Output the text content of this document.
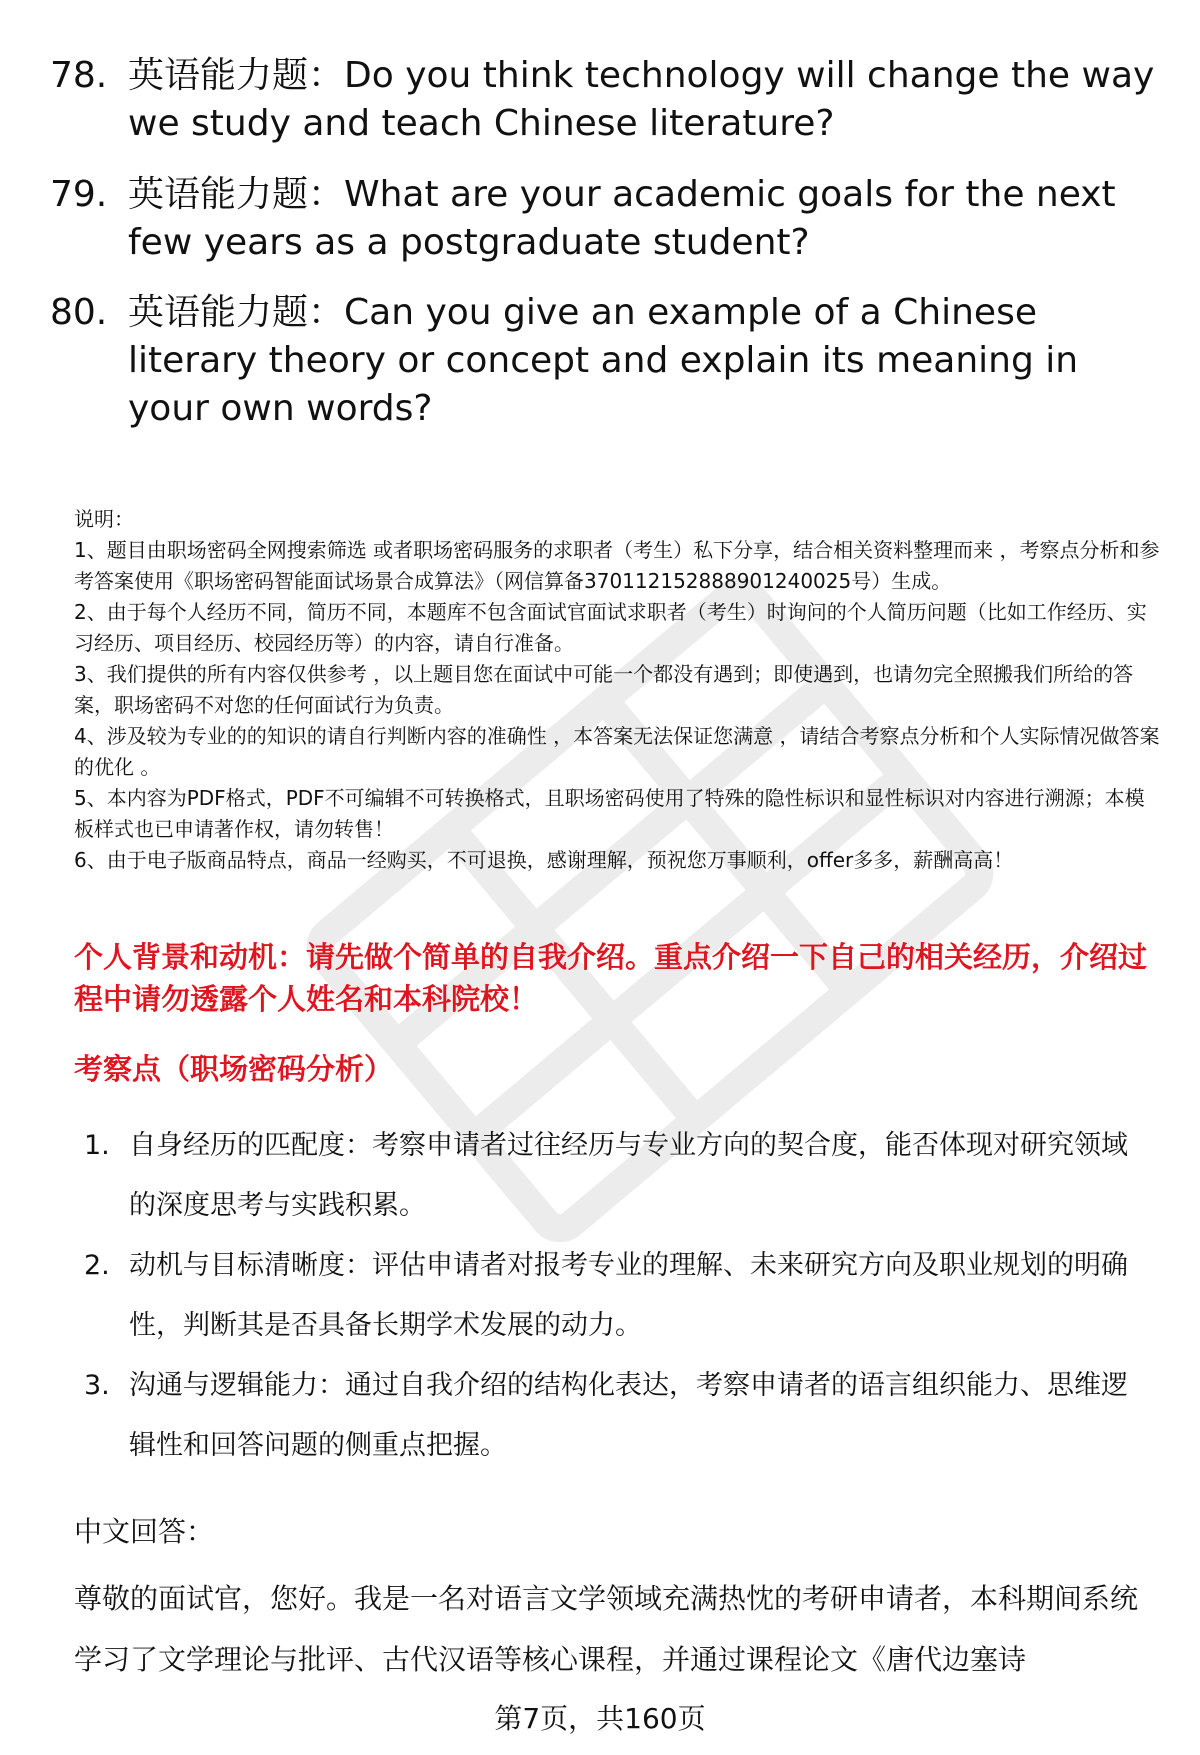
78. 英语能力题：Do you think technology will change the way we study and teach Chinese literature?
79. 英语能力题：What are your academic goals for the next few years as a postgraduate student?
80. 英语能力题：Can you give an example of a Chinese literary theory or concept and explain its meaning in your own words?

说明：

1、题目由职场密码全网搜索筛选 或者职场密码服务的求职者（考生）私下分享，结合相关资料整理而来 ，考察点分析和参考答案使用《职场密码智能面试场景合成算法》（网信算备370112152888901240025号）生成。

2、由于每个人经历不同，简历不同，本题库不包含面试官面试求职者（考生）时询问的个人简历问题（比如工作经历、实习经历、项目经历、校园经历等）的内容，请自行准备。

3、我们提供的所有内容仅供参考 ，以上题目您在面试中可能一个都没有遇到；即使遇到，也请勿完全照搬我们所给的答案，职场密码不对您的任何面试行为负责。

4、涉及较为专业的的知识的请自行判断内容的准确性 ，本答案无法保证您满意 ，请结合考察点分析和个人实际情况做答案的优化 。

5、本内容为PDF格式，PDF不可编辑不可转换格式，且职场密码使用了特殊的隐性标识和显性标识对内容进行溯源；本模板样式也已申请著作权，请勿转售！

6、由于电子版商品特点，商品一经购买，不可退换，感谢理解，预祝您万事顺利，offer多多，薪酬高高！

个人背景和动机：请先做个简单的自我介绍。重点介绍一下自己的相关经历，介绍过程中请勿透露个人姓名和本科院校！
考察点（职场密码分析）
1. 自身经历的匹配度：考察申请者过往经历与专业方向的契合度，能否体现对研究领域的深度思考与实践积累。
2. 动机与目标清晰度：评估申请者对报考专业的理解、未来研究方向及职业规划的明确性，判断其是否具备长期学术发展的动力。
3. 沟通与逻辑能力：通过自我介绍的结构化表达，考察申请者的语言组织能力、思维逻辑性和回答问题的侧重点把握。
中文回答：
尊敬的面试官，您好。我是一名对语言文学领域充满热忱的考研申请者，本科期间系统学习了文学理论与批评、古代汉语等核心课程，并通过课程论文《唐代边塞诗
第7页，共160页
